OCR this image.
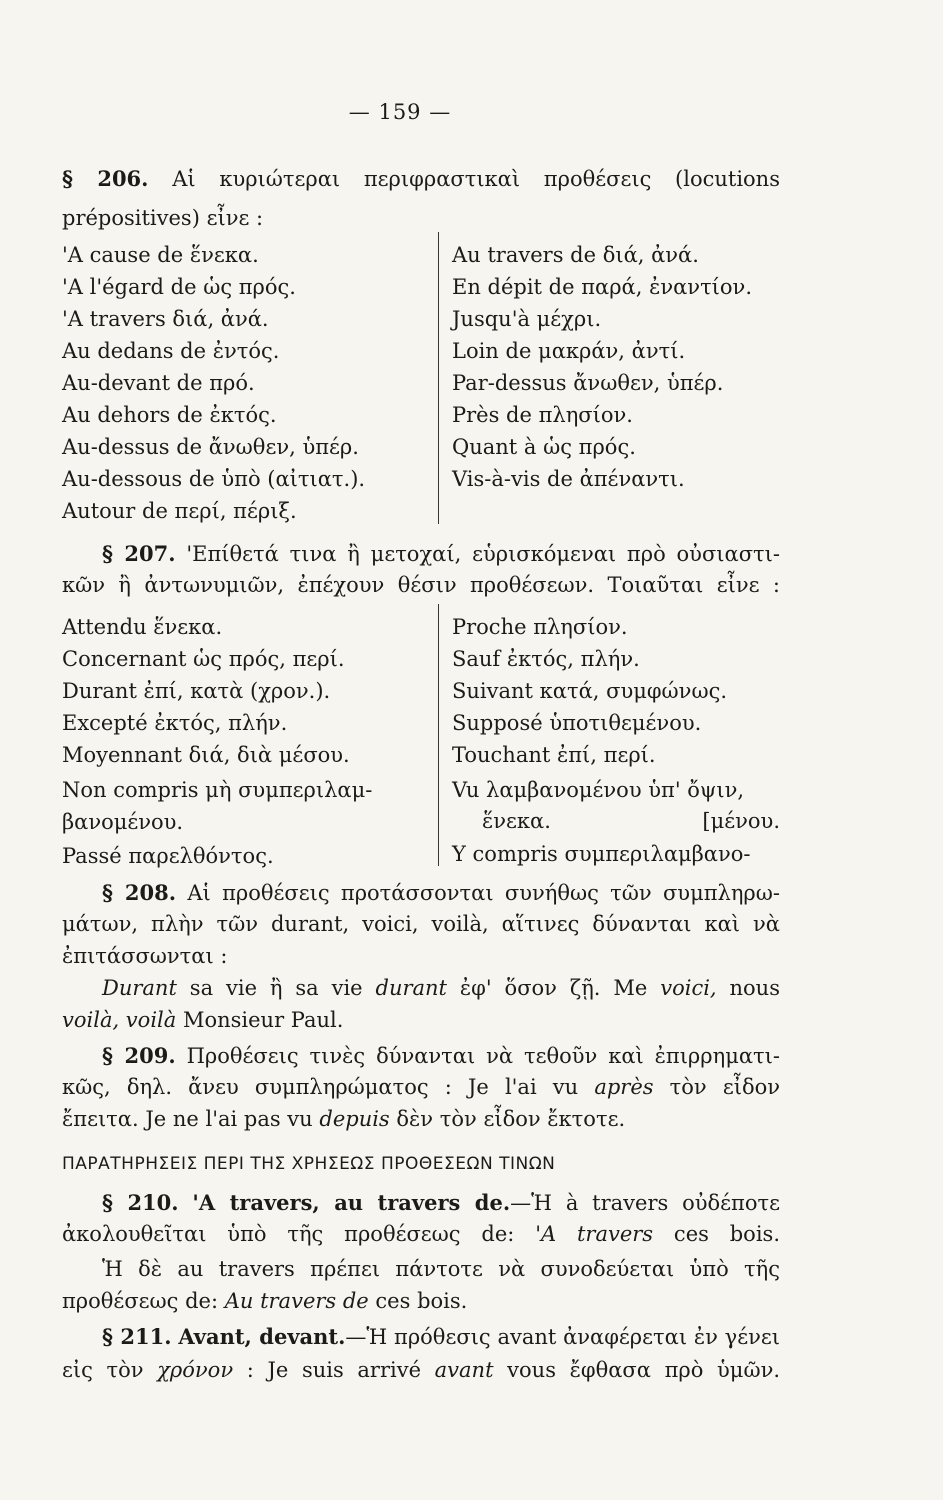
— 159 —
§ 206. Αἱ κυριώτεραι περιφραστικαὶ προθέσεις (locutions
prépositives) εἶνε :
'A cause de ἕνεκα.
'A l'égard de ὡς πρός.
'A travers διά, ἀνά.
Au dedans de ἐντός.
Au-devant de πρό.
Au dehors de ἐκτός.
Au-dessus de ἄνωθεν, ὑπέρ.
Au-dessous de ὑπὸ (αἰτιατ.).
Autour de περί, πέριξ.
Au travers de διά, ἀνά.
En dépit de παρά, ἐναντίον.
Jusqu'à μέχρι.
Loin de μακράν, ἀντί.
Par-dessus ἄνωθεν, ὑπέρ.
Près de πλησίον.
Quant à ὡς πρός.
Vis-à-vis de ἀπέναντι.
§ 207. 'Επίθετά τινα ἢ μετοχαί, εὑρισκόμεναι πρὸ οὐσιαστι-
κῶν ἢ ἀντωνυμιῶν, ἐπέχουν θέσιν προθέσεων. Τοιαῦται εἶνε :
Attendu ἕνεκα.
Concernant ὡς πρός, περί.
Durant ἐπί, κατὰ (χρον.).
Excepté ἐκτός, πλήν.
Moyennant διά, διὰ μέσου.
Non compris μὴ συμπεριλαμ-
βανομένου.
Passé παρελθόντος.
Proche πλησίον.
Sauf ἐκτός, πλήν.
Suivant κατά, συμφώνως.
Supposé ὑποτιθεμένου.
Touchant ἐπί, περί.
Vu λαμβανομένου ὑπ' ὄψιν,
ἕνεκα.	[μένου.
Y compris συμπεριλαμβανο-
§ 208. Αἱ προθέσεις προτάσσονται συνήθως τῶν συμπληρω-
μάτων, πλὴν τῶν durant, voici, voilà, αἵτινες δύνανται καὶ νὰ
ἐπιτάσσωνται :
Durant sa vie ἢ sa vie durant ἐφ' ὅσον ζῇ. Me voici, nous
voilà, voilà Monsieur Paul.
§ 209. Προθέσεις τινὲς δύνανται νὰ τεθοῦν καὶ ἐπιρρηματι-
κῶς, δηλ. ἄνευ συμπληρώματος : Je l'ai vu après τὸν εἶδον
ἔπειτα. Je ne l'ai pas vu depuis δὲν τὸν εἶδον ἔκτοτε.
ΠΑΡΑΤΗΡΗΣΕΙΣ ΠΕΡΙ ΤΗΣ ΧΡΗΣΕΩΣ ΠΡΟΘΕΣΕΩΝ ΤΙΝΩΝ
§ 210. 'A travers, au travers de.—Ἡ à travers οὐδέποτε
ἀκολουθεῖται ὑπὸ τῆς προθέσεως de: 'A travers ces bois.
Ἡ δὲ au travers πρέπει πάντοτε νὰ συνοδεύεται ὑπὸ τῆς
προθέσεως de: Au travers de ces bois.
§ 211. Avant, devant.—Ἡ πρόθεσις avant ἀναφέρεται ἐν γένει
εἰς τὸν χρόνον : Je suis arrivé avant vous ἔφθασα πρὸ ὑμῶν.
